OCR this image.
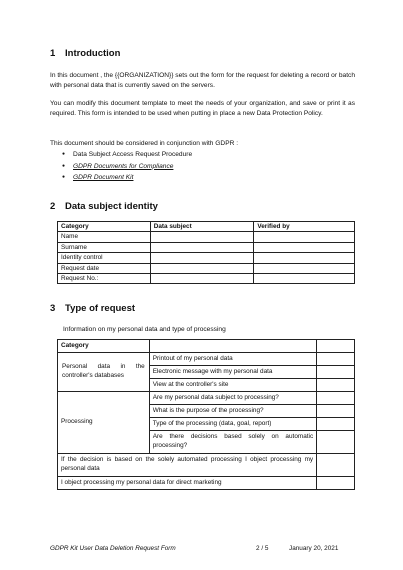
1 Introduction

In this document , the {{ORGANIZATION}} sets out the form for the request for deleting a record or batch with personal data that is currently saved on the servers.

You can modify this document template to meet the needs of your organization, and save or print it as required. This form is intended to be used when putting in place a new Data Protection Policy.

This document should be considered in conjunction with GDPR :

● Data Subject Access Request Procedure
● GDPR Documents for Compliance
● GDPR Document Kit
2 Data subject identity
Category	Data subject	Verified by
Name		
Surname		
Identity control		
Request date		
Request No.:		
3 Type of request

Information on my personal data and type of processing

Category		
Personal data in the controller's databases	Printout of my personal data	
	Electronic message with my personal data	
	View at the controller's site	
Processing	Are my personal data subject to processing?	
	What is the purpose of the processing?	
	Type of the processing (data, goal, report)	
	Are there decisions based solely on automatic processing?	
If the decision is based on the solely automated processing I object processing my personal data		
I object processing my personal data for direct marketing		
GDPR Kit User Data Deletion Request Form	2 / 5	January 20, 2021
